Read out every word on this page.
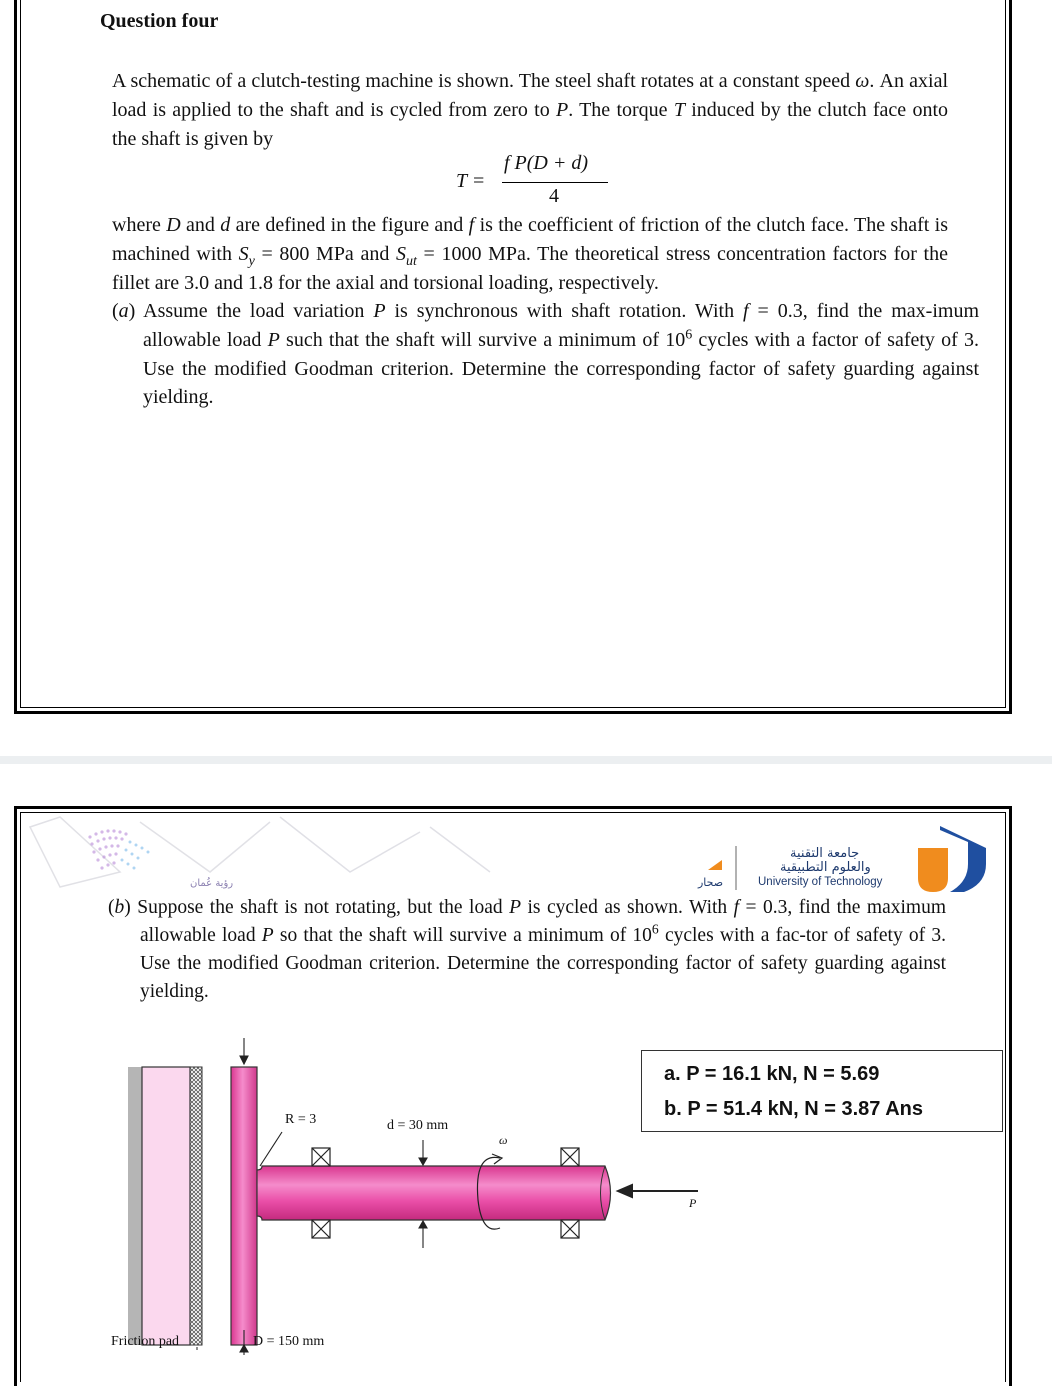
Question four

A schematic of a clutch-testing machine is shown. The steel shaft rotates at a constant speed ω. An axial load is applied to the shaft and is cycled from zero to P. The torque T induced by the clutch face onto the shaft is given by

T =
f P(D + d)
4

where D and d are defined in the figure and f is the coefficient of friction of the clutch face. The shaft is machined with $S_y = 800$ MPa and $S_{ut} = 1000$ MPa. The theoretical stress concentration factors for the fillet are 3.0 and 1.8 for the axial and torsional loading, respectively.

(a) Assume the load variation P is synchronous with shaft rotation. With f = 0.3, find the max-imum allowable load P such that the shaft will survive a minimum of $10^6$ cycles with a factor of safety of 3. Use the modified Goodman criterion. Determine the corresponding factor of safety guarding against yielding.

جامعة التقنية
والعلوم التطبيقية
University of Technology
صحار
رؤية عُمان

(b) Suppose the shaft is not rotating, but the load P is cycled as shown. With f = 0.3, find the maximum allowable load P so that the shaft will survive a minimum of $10^6$ cycles with a fac-tor of safety of 3. Use the modified Goodman criterion. Determine the corresponding factor of safety guarding against yielding.

a. P = 16.1 kN, N = 5.69
b. P = 51.4 kN, N = 3.87 Ans
R = 3	d = 30 mm
ω
P
Friction pad	D = 150 mm
